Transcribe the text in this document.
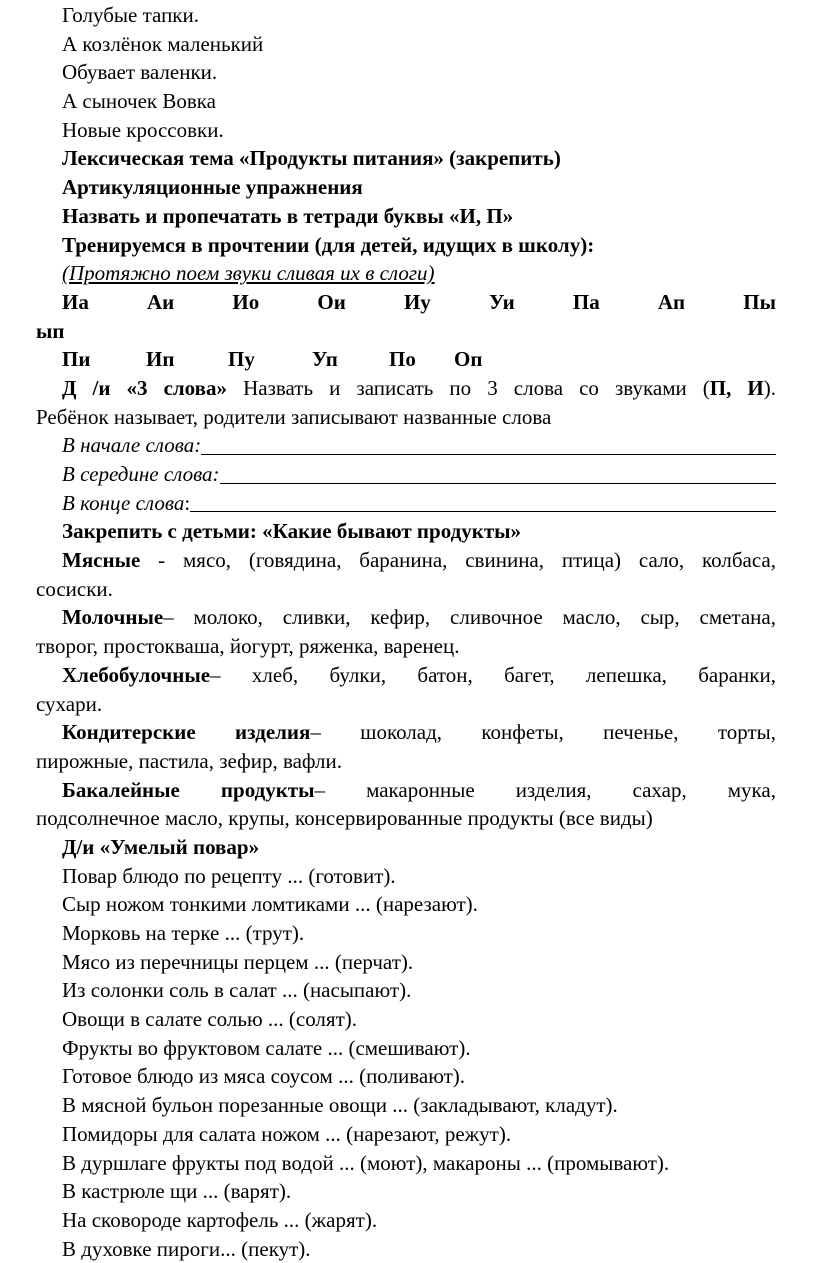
Голубые тапки.
А козлёнок маленький
Обувает валенки.
А сыночек Вовка
Новые кроссовки.
Лексическая тема «Продукты питания» (закрепить)
Артикуляционные упражнения
Назвать и пропечатать в тетради буквы «И, П»
Тренируемся в прочтении (для детей, идущих в школу):
(Протяжно поем звуки сливая их в слоги)
Иа	Аи	Ио	Ои	Иу	Уи	Па	Ап	Пы
ып
Пи	Ип	Пу	Уп	По	Оп
Д /и «3 слова» Назвать и записать по 3 слова со звуками (П, И).
Ребёнок называет, родители записывают названные слова
В начале слова:
В середине слова:
В конце слова :
Закрепить с детьми: «Какие бывают продукты»
Мясные - мясо, (говядина, баранина, свинина, птица) сало, колбаса,
сосиски.
Молочные– молоко, сливки, кефир, сливочное масло, сыр, сметана,
творог, простокваша, йогурт, ряженка, варенец.
Хлебобулочные– хлеб, булки, батон, багет, лепешка, баранки,
сухари.
Кондитерские изделия– шоколад, конфеты, печенье, торты,
пирожные, пастила, зефир, вафли.
Бакалейные продукты– макаронные изделия, сахар, мука,
подсолнечное масло, крупы, консервированные продукты (все виды)
Д/и «Умелый повар»
Повар блюдо по рецепту ... (готовит).
Сыр ножом тонкими ломтиками ... (нарезают).
Морковь на терке ... (трут).
Мясо из перечницы перцем ... (перчат).
Из солонки соль в салат ... (насыпают).
Овощи в салате солью ... (солят).
Фрукты во фруктовом салате ... (смешивают).
Готовое блюдо из мяса соусом ... (поливают).
В мясной бульон порезанные овощи ... (закладывают, кладут).
Помидоры для салата ножом ... (нарезают, режут).
В дуршлаге фрукты под водой ... (моют), макароны ... (промывают).
В кастрюле щи ... (варят).
На сковороде картофель ... (жарят).
В духовке пироги... (пекут).
